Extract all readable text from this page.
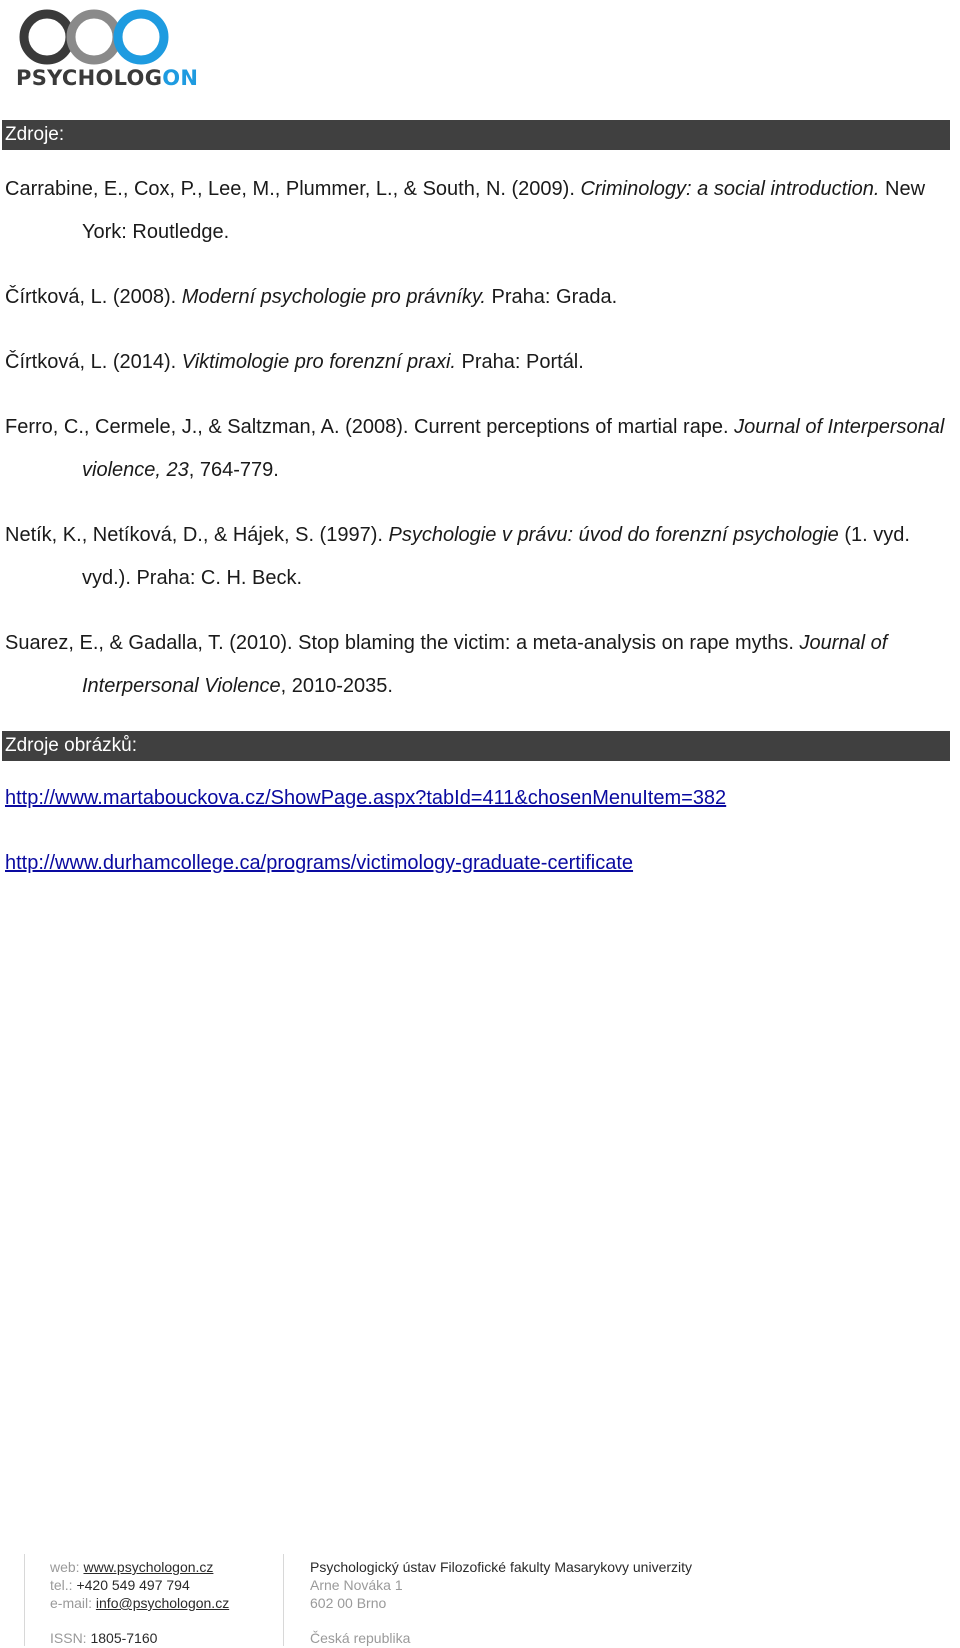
PSYCHOLOGON
Zdroje:
Carrabine, E., Cox, P., Lee, M., Plummer, L., & South, N. (2009). Criminology: a social introduction. New York: Routledge.
Čírtková, L. (2008). Moderní psychologie pro právníky. Praha: Grada.
Čírtková, L. (2014). Viktimologie pro forenzní praxi. Praha: Portál.
Ferro, C., Cermele, J., & Saltzman, A. (2008). Current perceptions of martial rape. Journal of Interpersonal violence, 23, 764-779.
Netík, K., Netíková, D., & Hájek, S. (1997). Psychologie v právu: úvod do forenzní psychologie (1. vyd. vyd.). Praha: C. H. Beck.
Suarez, E., & Gadalla, T. (2010). Stop blaming the victim: a meta-analysis on rape myths. Journal of Interpersonal Violence, 2010-2035.
Zdroje obrázků:
http://www.martabouckova.cz/ShowPage.aspx?tabId=411&chosenMenuItem=382
http://www.durhamcollege.ca/programs/victimology-graduate-certificate
web: www.psychologon.cz
tel.: +420 549 497 794
e-mail: info@psychologon.cz
ISSN: 1805-7160
Psychologický ústav Filozofické fakulty Masarykovy univerzity
Arne Nováka 1
602 00 Brno
Česká republika
